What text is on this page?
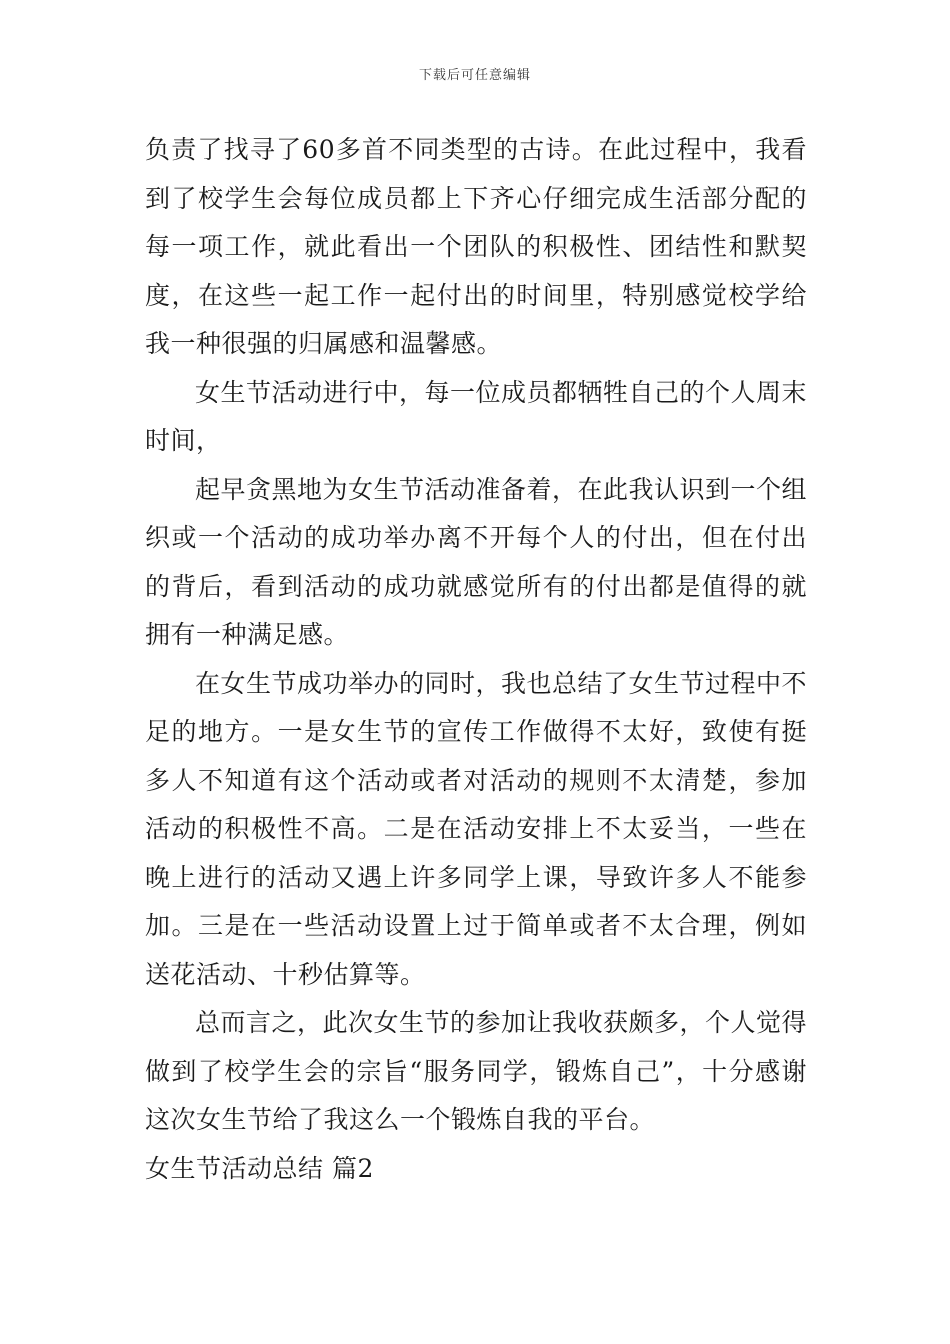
下载后可任意编辑

负责了找寻了60多首不同类型的古诗。在此过程中，我看到了校学生会每位成员都上下齐心仔细完成生活部分配的每一项工作，就此看出一个团队的积极性、团结性和默契度，在这些一起工作一起付出的时间里，特别感觉校学给我一种很强的归属感和温馨感。

女生节活动进行中，每一位成员都牺牲自己的个人周末时间，

起早贪黑地为女生节活动准备着，在此我认识到一个组织或一个活动的成功举办离不开每个人的付出，但在付出的背后，看到活动的成功就感觉所有的付出都是值得的就拥有一种满足感。

在女生节成功举办的同时，我也总结了女生节过程中不足的地方。一是女生节的宣传工作做得不太好，致使有挺多人不知道有这个活动或者对活动的规则不太清楚，参加活动的积极性不高。二是在活动安排上不太妥当，一些在晚上进行的活动又遇上许多同学上课，导致许多人不能参加。三是在一些活动设置上过于简单或者不太合理，例如送花活动、十秒估算等。

总而言之，此次女生节的参加让我收获颇多，个人觉得做到了校学生会的宗旨“服务同学，锻炼自己”，十分感谢这次女生节给了我这么一个锻炼自我的平台。

女生节活动总结 篇2
